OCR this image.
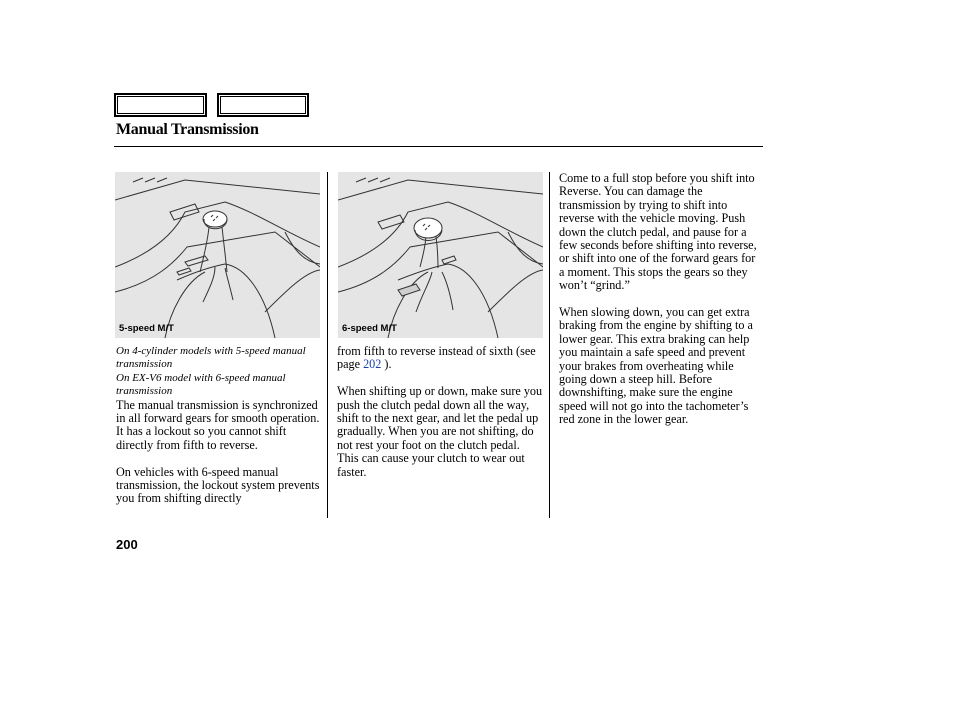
Manual Transmission
5-speed M/T	6-speed M/T

On 4-cylinder models with 5-speed manual transmission

On EX-V6 model with 6-speed manual transmission

The manual transmission is synchronized in all forward gears for smooth operation. It has a lockout so you cannot shift directly from fifth to reverse.

On vehicles with 6-speed manual transmission, the lockout system prevents you from shifting directly

from fifth to reverse instead of sixth (see page 202 ).

When shifting up or down, make sure you push the clutch pedal down all the way, shift to the next gear, and let the pedal up gradually. When you are not shifting, do not rest your foot on the clutch pedal. This can cause your clutch to wear out faster.

Come to a full stop before you shift into Reverse. You can damage the transmission by trying to shift into reverse with the vehicle moving. Push down the clutch pedal, and pause for a few seconds before shifting into reverse, or shift into one of the forward gears for a moment. This stops the gears so they won’t “grind.”

When slowing down, you can get extra braking from the engine by shifting to a lower gear. This extra braking can help you maintain a safe speed and prevent your brakes from overheating while going down a steep hill. Before downshifting, make sure the engine speed will not go into the tachometer’s red zone in the lower gear.

200
